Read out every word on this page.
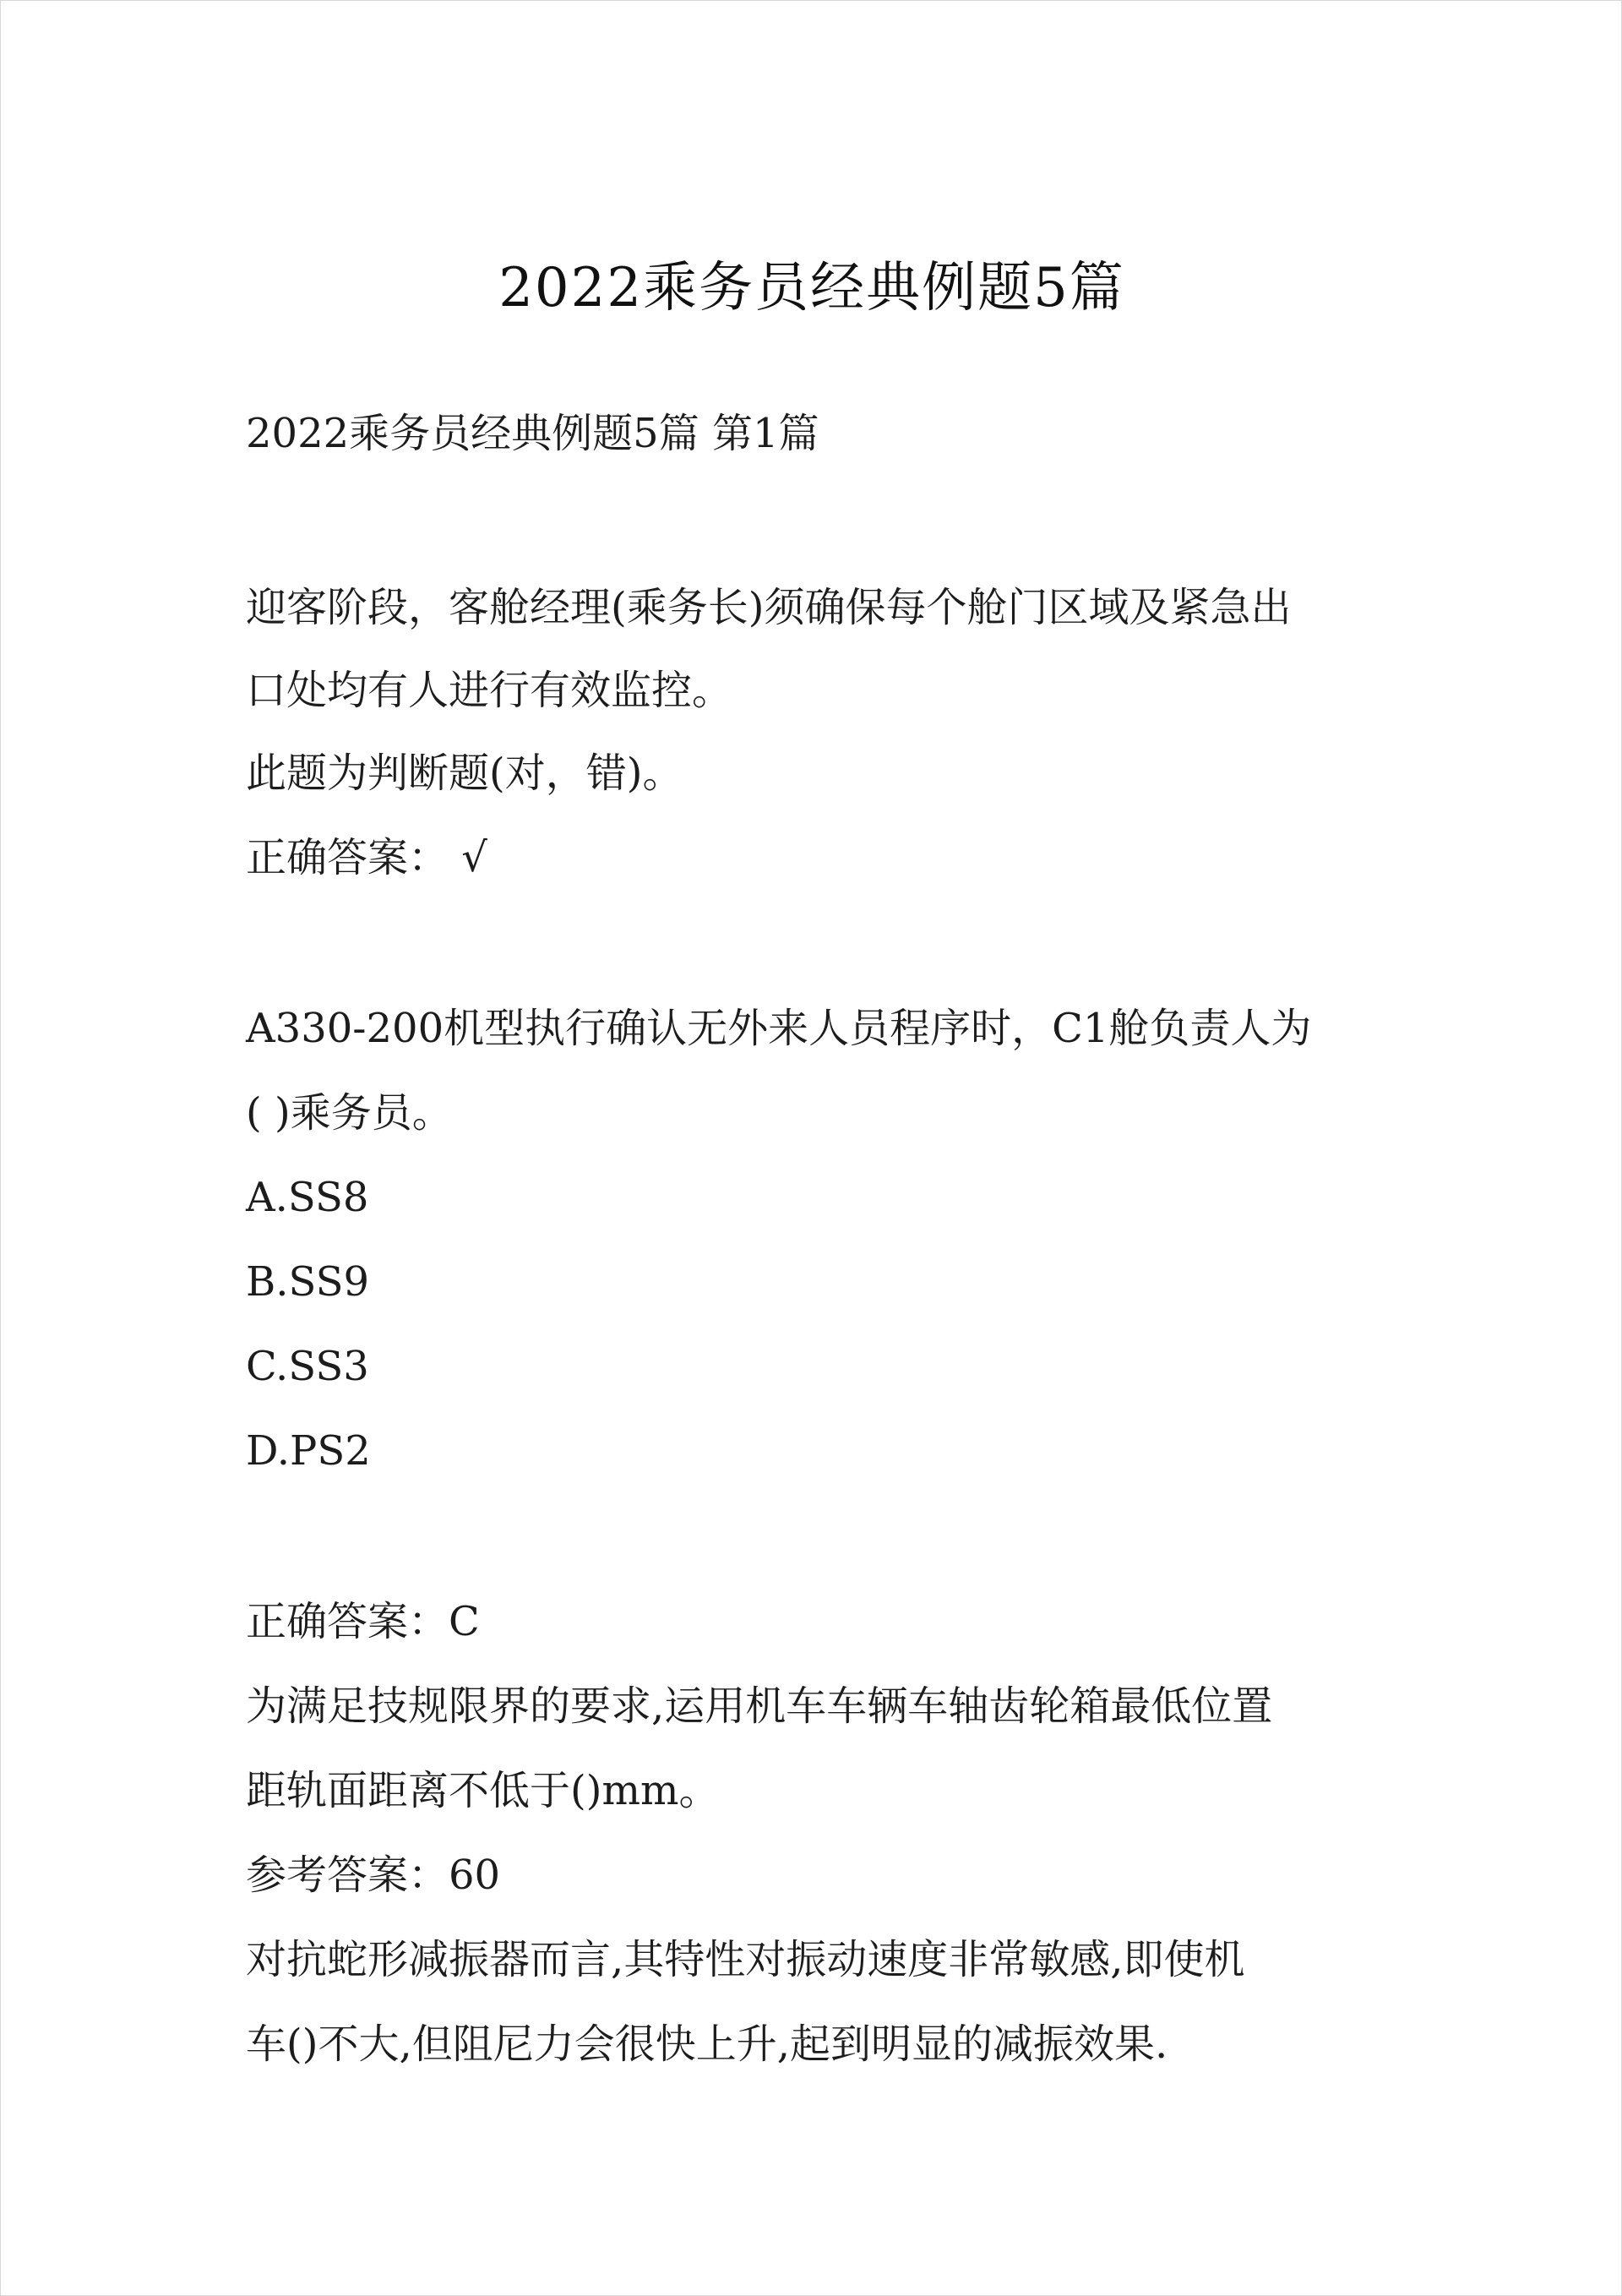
2022乘务员经典例题5篇
2022乘务员经典例题5篇 第1篇
迎客阶段，客舱经理(乘务长)须确保每个舱门区域及紧急出
口处均有人进行有效监控。
此题为判断题(对，错)。
正确答案： √
A330-200机型执行确认无外来人员程序时，C1舱负责人为
( )乘务员。
A.SS8
B.SS9
C.SS3
D.PS2
正确答案：C
为满足技规限界的要求,运用机车车辆车轴齿轮箱最低位置
距轨面距离不低于()mm。
参考答案：60
对抗蛇形减振器而言,其特性对振动速度非常敏感,即使机
车()不大,但阻尼力会很快上升,起到明显的减振效果.
